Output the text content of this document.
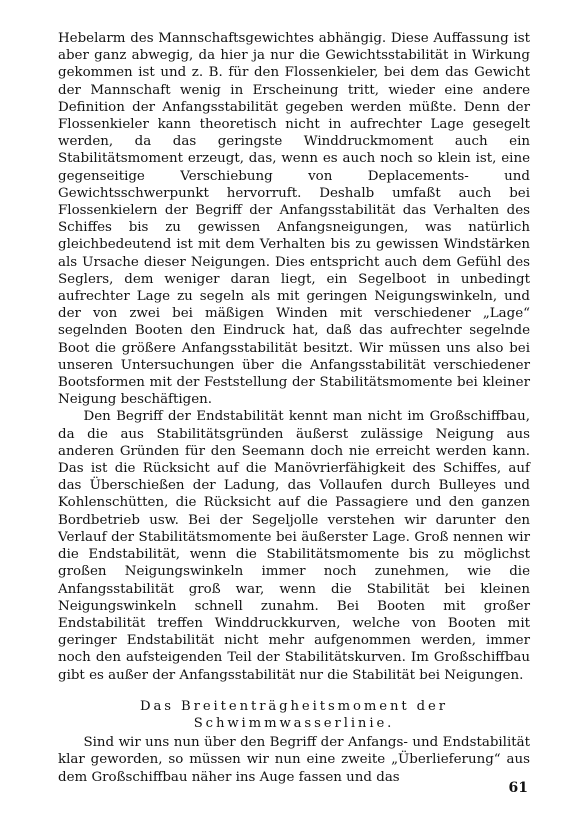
Hebelarm des Mannschaftsgewichtes abhängig. Diese Auffassung ist aber ganz abwegig, da hier ja nur die Gewichtsstabilität in Wirkung gekommen ist und z. B. für den Flossenkieler, bei dem das Gewicht der Mannschaft wenig in Erscheinung tritt, wieder eine andere Definition der Anfangsstabilität gegeben werden müßte. Denn der Flossenkieler kann theoretisch nicht in aufrechter Lage gesegelt werden, da das geringste Winddruckmoment auch ein Stabilitätsmoment erzeugt, das, wenn es auch noch so klein ist, eine gegenseitige Verschiebung von Deplacements- und Gewichtsschwerpunkt hervorruft. Deshalb umfaßt auch bei Flossenkielern der Begriff der Anfangsstabilität das Verhalten des Schiffes bis zu gewissen Anfangsneigungen, was natürlich gleichbedeutend ist mit dem Verhalten bis zu gewissen Windstärken als Ursache dieser Neigungen. Dies entspricht auch dem Gefühl des Seglers, dem weniger daran liegt, ein Segelboot in unbedingt aufrechter Lage zu segeln als mit geringen Neigungswinkeln, und der von zwei bei mäßigen Winden mit verschiedener „Lage“ segelnden Booten den Eindruck hat, daß das aufrechter segelnde Boot die größere Anfangsstabilität besitzt. Wir müssen uns also bei unseren Untersuchungen über die Anfangsstabilität verschiedener Bootsformen mit der Feststellung der Stabilitätsmomente bei kleiner Neigung beschäftigen.

Den Begriff der Endstabilität kennt man nicht im Großschiffbau, da die aus Stabilitätsgründen äußerst zulässige Neigung aus anderen Gründen für den Seemann doch nie erreicht werden kann. Das ist die Rücksicht auf die Manövrierfähigkeit des Schiffes, auf das Überschießen der Ladung, das Vollaufen durch Bulleyes und Kohlenschütten, die Rücksicht auf die Passagiere und den ganzen Bordbetrieb usw. Bei der Segeljolle verstehen wir darunter den Verlauf der Stabilitätsmomente bei äußerster Lage. Groß nennen wir die Endstabilität, wenn die Stabilitätsmomente bis zu möglichst großen Neigungswinkeln immer noch zunehmen, wie die Anfangsstabilität groß war, wenn die Stabilität bei kleinen Neigungswinkeln schnell zunahm. Bei Booten mit großer Endstabilität treffen Winddruckkurven, welche von Booten mit geringer Endstabilität nicht mehr aufgenommen werden, immer noch den aufsteigenden Teil der Stabilitätskurven. Im Großschiffbau gibt es außer der Anfangsstabilität nur die Stabilität bei Neigungen.

Das Breitenträgheitsmoment der Schwimmwasserlinie.

Sind wir uns nun über den Begriff der Anfangs- und Endstabilität klar geworden, so müssen wir nun eine zweite „Überlieferung“ aus dem Großschiffbau näher ins Auge fassen und das

61
